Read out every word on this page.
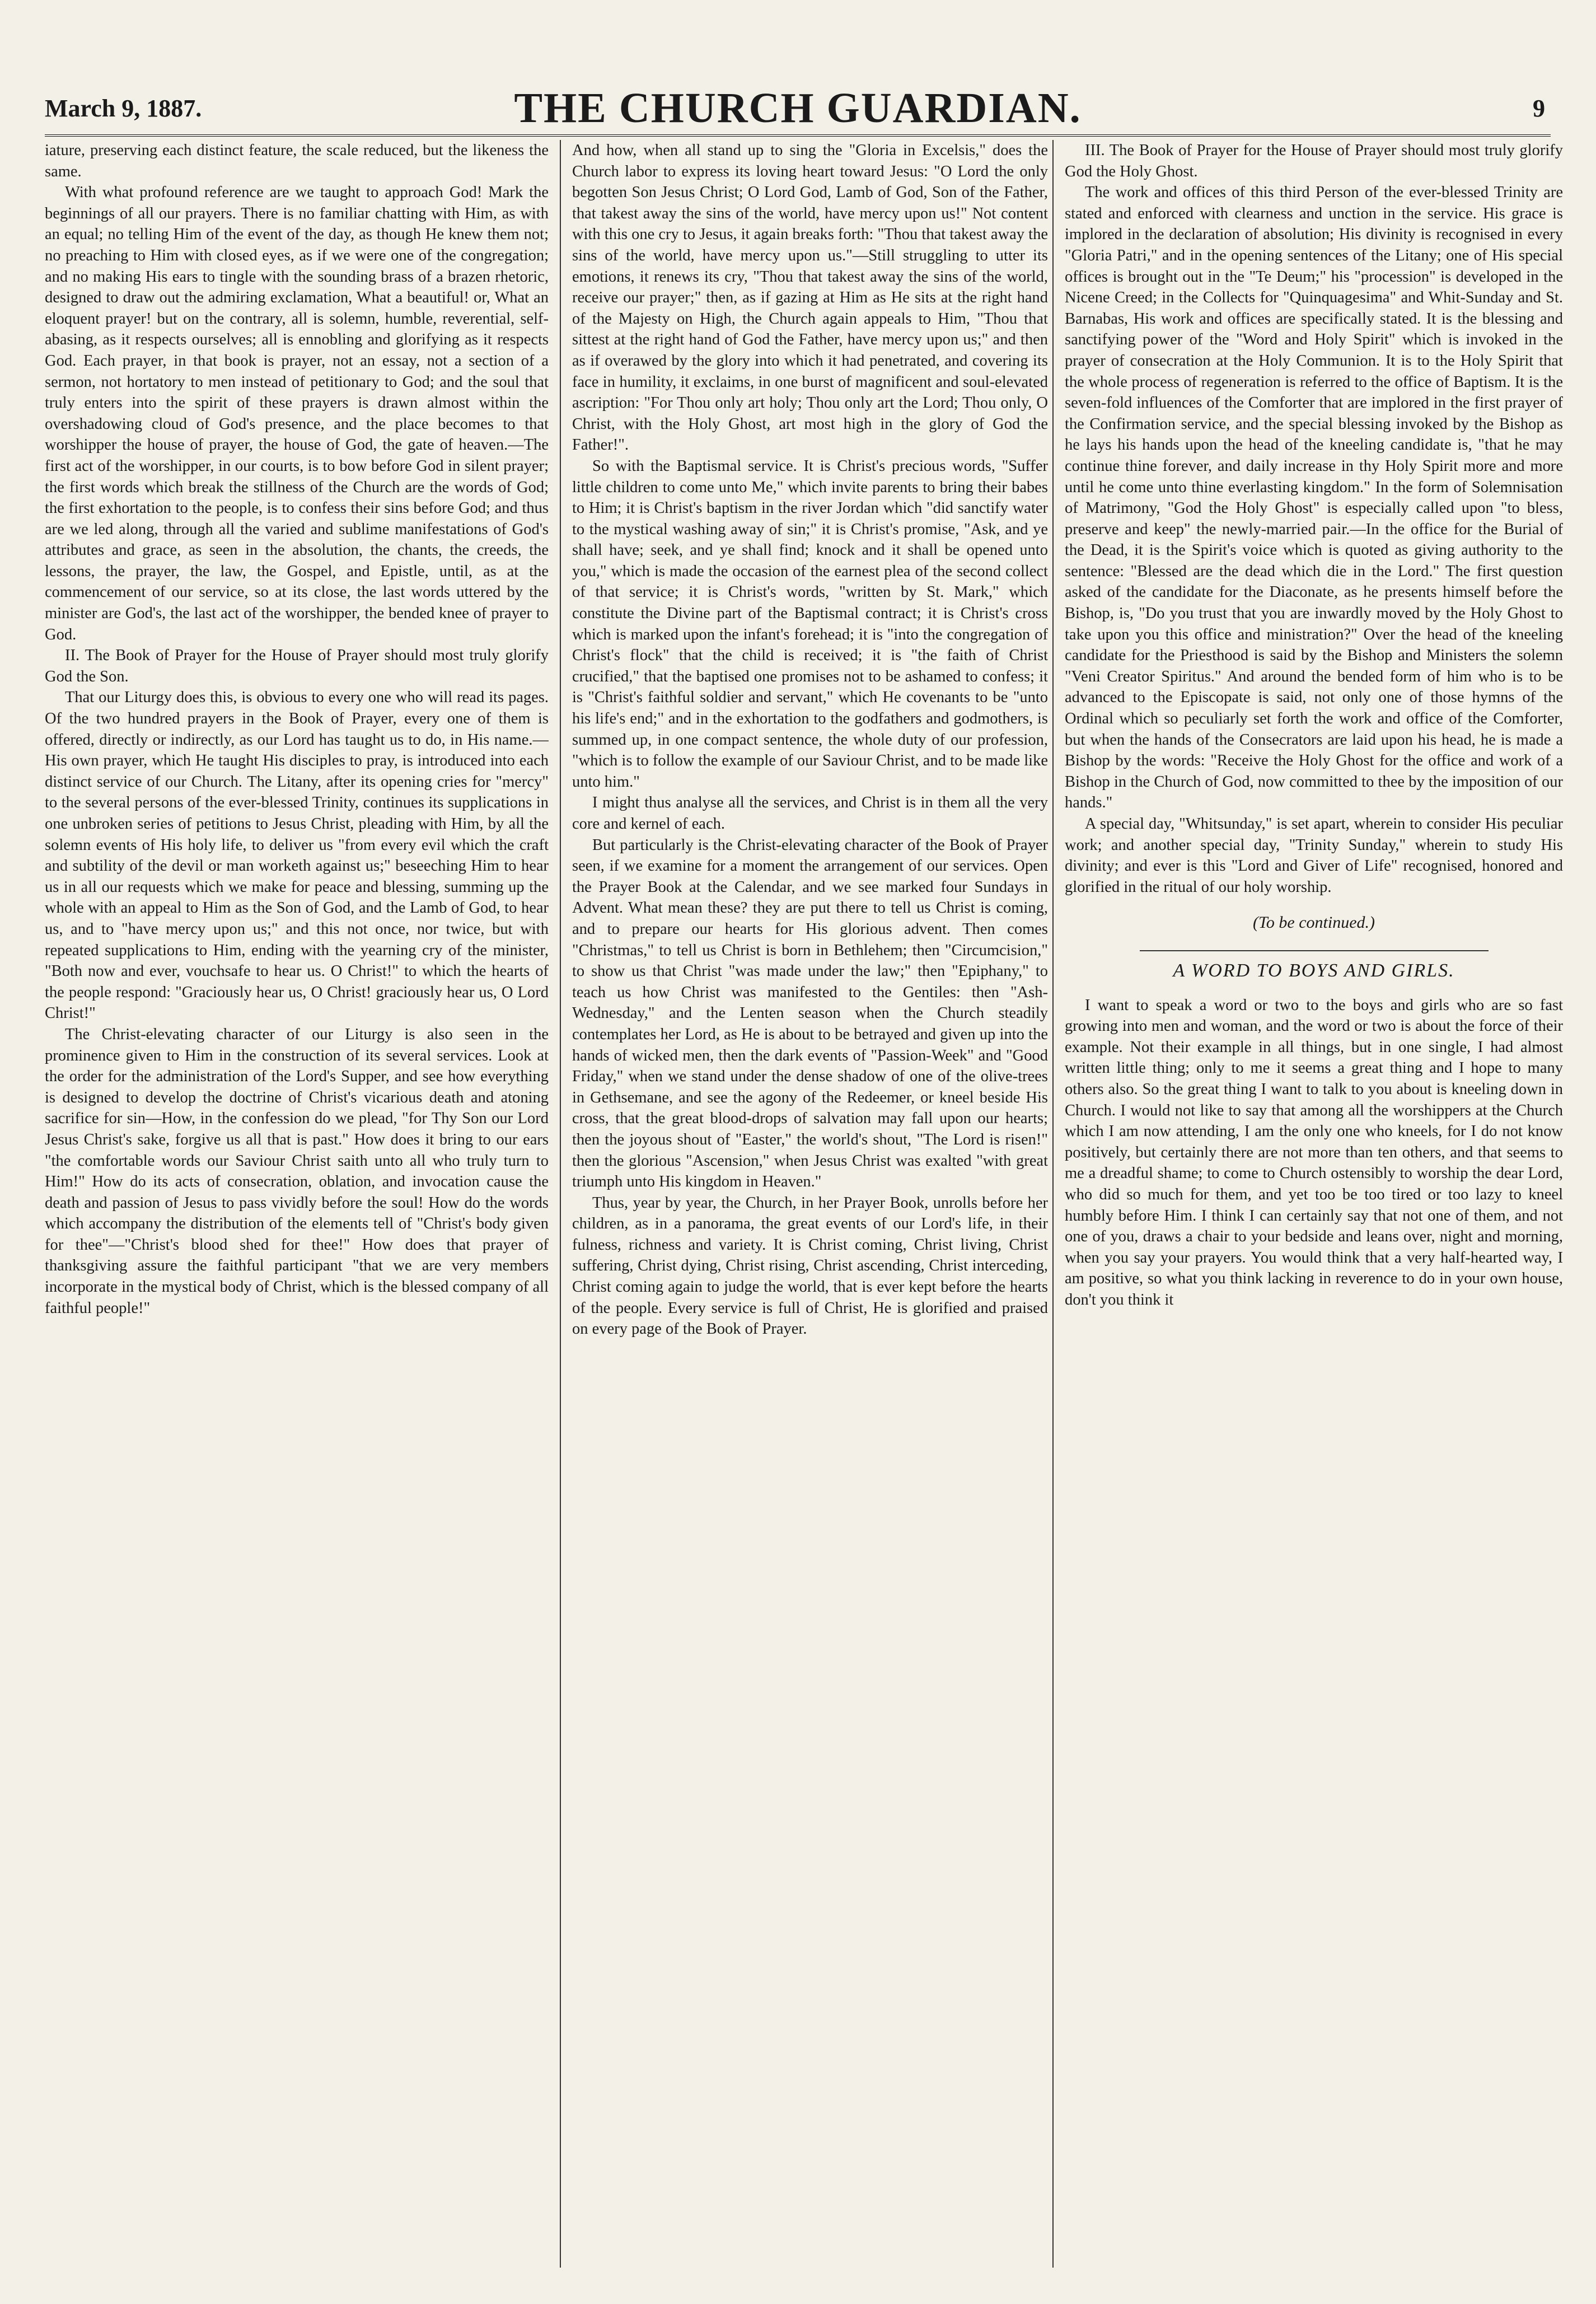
March 9, 1887.	THE CHURCH GUARDIAN.	9

iature, preserving each distinct feature, the scale reduced, but the likeness the same.

With what profound reference are we taught to approach God! Mark the beginnings of all our prayers. There is no familiar chatting with Him, as with an equal; no telling Him of the event of the day, as though He knew them not; no preaching to Him with closed eyes, as if we were one of the congregation; and no making His ears to tingle with the sounding brass of a brazen rhetoric, designed to draw out the admiring exclamation, What a beautiful! or, What an eloquent prayer! but on the contrary, all is solemn, humble, reverential, self-abasing, as it respects ourselves; all is ennobling and glorifying as it respects God. Each prayer, in that book is prayer, not an essay, not a section of a sermon, not hortatory to men instead of petitionary to God; and the soul that truly enters into the spirit of these prayers is drawn almost within the overshadowing cloud of God's presence, and the place becomes to that worshipper the house of prayer, the house of God, the gate of heaven.—The first act of the worshipper, in our courts, is to bow before God in silent prayer; the first words which break the stillness of the Church are the words of God; the first exhortation to the people, is to confess their sins before God; and thus are we led along, through all the varied and sublime manifestations of God's attributes and grace, as seen in the absolution, the chants, the creeds, the lessons, the prayer, the law, the Gospel, and Epistle, until, as at the commencement of our service, so at its close, the last words uttered by the minister are God's, the last act of the worshipper, the bended knee of prayer to God.

II. The Book of Prayer for the House of Prayer should most truly glorify God the Son.

That our Liturgy does this, is obvious to every one who will read its pages. Of the two hundred prayers in the Book of Prayer, every one of them is offered, directly or indirectly, as our Lord has taught us to do, in His name.—His own prayer, which He taught His disciples to pray, is introduced into each distinct service of our Church. The Litany, after its opening cries for "mercy" to the several persons of the ever-blessed Trinity, continues its supplications in one unbroken series of petitions to Jesus Christ, pleading with Him, by all the solemn events of His holy life, to deliver us "from every evil which the craft and subtility of the devil or man worketh against us;" beseeching Him to hear us in all our requests which we make for peace and blessing, summing up the whole with an appeal to Him as the Son of God, and the Lamb of God, to hear us, and to "have mercy upon us;" and this not once, nor twice, but with repeated supplications to Him, ending with the yearning cry of the minister, "Both now and ever, vouchsafe to hear us. O Christ!" to which the hearts of the people respond: "Graciously hear us, O Christ! graciously hear us, O Lord Christ!"

The Christ-elevating character of our Liturgy is also seen in the prominence given to Him in the construction of its several services. Look at the order for the administration of the Lord's Supper, and see how everything is designed to develop the doctrine of Christ's vicarious death and atoning sacrifice for sin—How, in the confession do we plead, "for Thy Son our Lord Jesus Christ's sake, forgive us all that is past." How does it bring to our ears "the comfortable words our Saviour Christ saith unto all who truly turn to Him!" How do its acts of consecration, oblation, and invocation cause the death and passion of Jesus to pass vividly before the soul! How do the words which accompany the distribution of the elements tell of "Christ's body given for thee"—"Christ's blood shed for thee!" How does that prayer of thanksgiving assure the faithful participant "that we are very members incorporate in the mystical body of Christ, which is the blessed company of all faithful people!"

And how, when all stand up to sing the "Gloria in Excelsis," does the Church labor to express its loving heart toward Jesus: "O Lord the only begotten Son Jesus Christ; O Lord God, Lamb of God, Son of the Father, that takest away the sins of the world, have mercy upon us!" Not content with this one cry to Jesus, it again breaks forth: "Thou that takest away the sins of the world, have mercy upon us."—Still struggling to utter its emotions, it renews its cry, "Thou that takest away the sins of the world, receive our prayer;" then, as if gazing at Him as He sits at the right hand of the Majesty on High, the Church again appeals to Him, "Thou that sittest at the right hand of God the Father, have mercy upon us;" and then as if overawed by the glory into which it had penetrated, and covering its face in humility, it exclaims, in one burst of magnificent and soul-elevated ascription: "For Thou only art holy; Thou only art the Lord; Thou only, O Christ, with the Holy Ghost, art most high in the glory of God the Father!".

So with the Baptismal service. It is Christ's precious words, "Suffer little children to come unto Me," which invite parents to bring their babes to Him; it is Christ's baptism in the river Jordan which "did sanctify water to the mystical washing away of sin;" it is Christ's promise, "Ask, and ye shall have; seek, and ye shall find; knock and it shall be opened unto you," which is made the occasion of the earnest plea of the second collect of that service; it is Christ's words, "written by St. Mark," which constitute the Divine part of the Baptismal contract; it is Christ's cross which is marked upon the infant's forehead; it is "into the congregation of Christ's flock" that the child is received; it is "the faith of Christ crucified," that the baptised one promises not to be ashamed to confess; it is "Christ's faithful soldier and servant," which He covenants to be "unto his life's end;" and in the exhortation to the godfathers and godmothers, is summed up, in one compact sentence, the whole duty of our profession, "which is to follow the example of our Saviour Christ, and to be made like unto him."

I might thus analyse all the services, and Christ is in them all the very core and kernel of each.

But particularly is the Christ-elevating character of the Book of Prayer seen, if we examine for a moment the arrangement of our services. Open the Prayer Book at the Calendar, and we see marked four Sundays in Advent. What mean these? they are put there to tell us Christ is coming, and to prepare our hearts for His glorious advent. Then comes "Christmas," to tell us Christ is born in Bethlehem; then "Circumcision," to show us that Christ "was made under the law;" then "Epiphany," to teach us how Christ was manifested to the Gentiles: then "Ash-Wednesday," and the Lenten season when the Church steadily contemplates her Lord, as He is about to be betrayed and given up into the hands of wicked men, then the dark events of "Passion-Week" and "Good Friday," when we stand under the dense shadow of one of the olive-trees in Gethsemane, and see the agony of the Redeemer, or kneel beside His cross, that the great blood-drops of salvation may fall upon our hearts; then the joyous shout of "Easter," the world's shout, "The Lord is risen!" then the glorious "Ascension," when Jesus Christ was exalted "with great triumph unto His kingdom in Heaven."

Thus, year by year, the Church, in her Prayer Book, unrolls before her children, as in a panorama, the great events of our Lord's life, in their fulness, richness and variety. It is Christ coming, Christ living, Christ suffering, Christ dying, Christ rising, Christ ascending, Christ interceding, Christ coming again to judge the world, that is ever kept before the hearts of the people. Every service is full of Christ, He is glorified and praised on every page of the Book of Prayer.

III. The Book of Prayer for the House of Prayer should most truly glorify God the Holy Ghost.

The work and offices of this third Person of the ever-blessed Trinity are stated and enforced with clearness and unction in the service. His grace is implored in the declaration of absolution; His divinity is recognised in every "Gloria Patri," and in the opening sentences of the Litany; one of His special offices is brought out in the "Te Deum;" his "procession" is developed in the Nicene Creed; in the Collects for "Quinquagesima" and Whit-Sunday and St. Barnabas, His work and offices are specifically stated. It is the blessing and sanctifying power of the "Word and Holy Spirit" which is invoked in the prayer of consecration at the Holy Communion. It is to the Holy Spirit that the whole process of regeneration is referred to the office of Baptism. It is the seven-fold influences of the Comforter that are implored in the first prayer of the Confirmation service, and the special blessing invoked by the Bishop as he lays his hands upon the head of the kneeling candidate is, "that he may continue thine forever, and daily increase in thy Holy Spirit more and more until he come unto thine everlasting kingdom." In the form of Solemnisation of Matrimony, "God the Holy Ghost" is especially called upon "to bless, preserve and keep" the newly-married pair.—In the office for the Burial of the Dead, it is the Spirit's voice which is quoted as giving authority to the sentence: "Blessed are the dead which die in the Lord." The first question asked of the candidate for the Diaconate, as he presents himself before the Bishop, is, "Do you trust that you are inwardly moved by the Holy Ghost to take upon you this office and ministration?" Over the head of the kneeling candidate for the Priesthood is said by the Bishop and Ministers the solemn "Veni Creator Spiritus." And around the bended form of him who is to be advanced to the Episcopate is said, not only one of those hymns of the Ordinal which so peculiarly set forth the work and office of the Comforter, but when the hands of the Consecrators are laid upon his head, he is made a Bishop by the words: "Receive the Holy Ghost for the office and work of a Bishop in the Church of God, now committed to thee by the imposition of our hands."

A special day, "Whitsunday," is set apart, wherein to consider His peculiar work; and another special day, "Trinity Sunday," wherein to study His divinity; and ever is this "Lord and Giver of Life" recognised, honored and glorified in the ritual of our holy worship.

(To be continued.)

A WORD TO BOYS AND GIRLS.

I want to speak a word or two to the boys and girls who are so fast growing into men and woman, and the word or two is about the force of their example. Not their example in all things, but in one single, I had almost written little thing; only to me it seems a great thing and I hope to many others also. So the great thing I want to talk to you about is kneeling down in Church. I would not like to say that among all the worshippers at the Church which I am now attending, I am the only one who kneels, for I do not know positively, but certainly there are not more than ten others, and that seems to me a dreadful shame; to come to Church ostensibly to worship the dear Lord, who did so much for them, and yet too be too tired or too lazy to kneel humbly before Him. I think I can certainly say that not one of them, and not one of you, draws a chair to your bedside and leans over, night and morning, when you say your prayers. You would think that a very half-hearted way, I am positive, so what you think lacking in reverence to do in your own house, don't you think it
